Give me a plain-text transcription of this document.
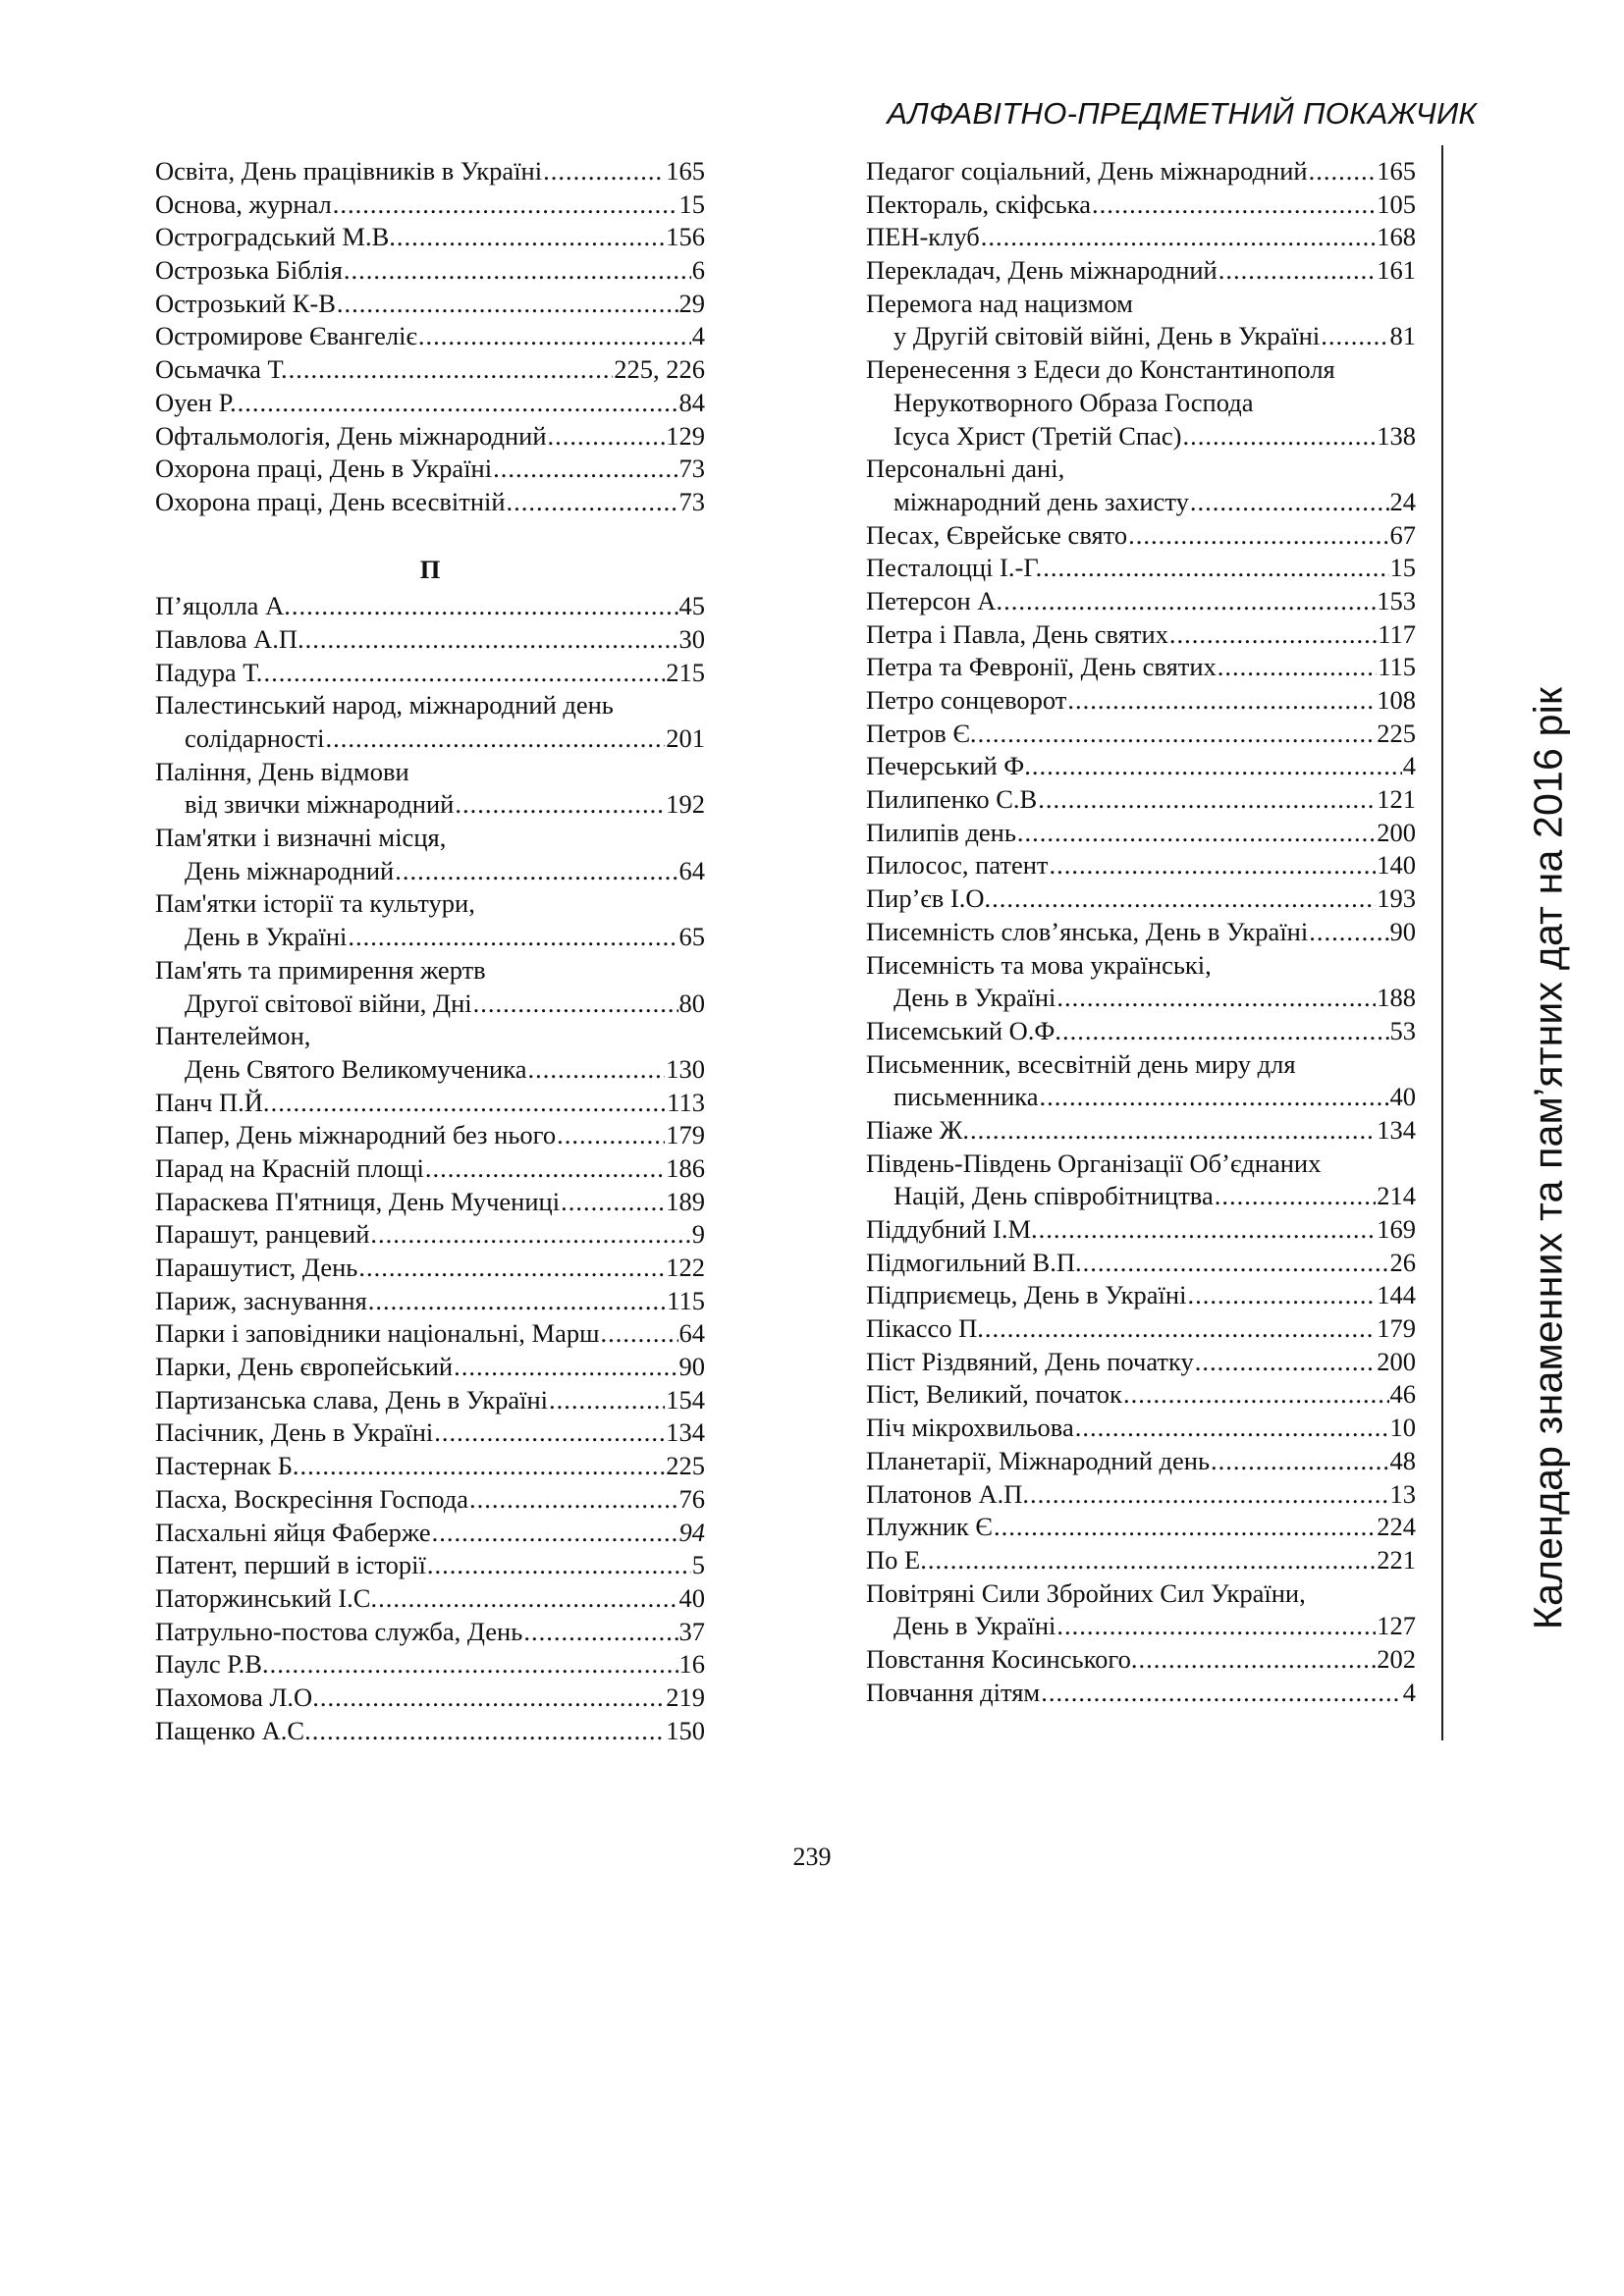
АЛФАВІТНО-ПРЕДМЕТНИЙ ПОКАЖЧИК
Освіта, День працівників в Україні .....	165
Основа, журнал .....	15
Остроградський М.В. .....	156
Острозька Біблія .....	6
Острозький К-В .....	29
Остромирове Євангеліє .....	4
Осьмачка Т. .....	225, 226
Оуен Р. .....	84
Офтальмологія, День міжнародний .....	129
Охорона праці, День в Україні .....	73
Охорона праці, День всесвітній .....	73
П
П’яцолла А. .....	45
Павлова А.П. .....	30
Падура Т. .....	215
Палестинський народ, міжнародний день
солідарності .....	201
Паління, День відмови
від звички міжнародний .....	192
Пам'ятки і визначні місця,
День міжнародний .....	64
Пам'ятки історії та культури,
День в Україні .....	65
Пам'ять та примирення жертв
Другої світової війни, Дні .....	80
Пантелеймон,
День Святого Великомученика .....	130
Панч П.Й. .....	113
Папер, День міжнародний без нього .....	179
Парад на Красній площі .....	186
Параскева П'ятниця, День Мучениці .....	189
Парашут, ранцевий .....	9
Парашутист, День .....	122
Париж, заснування .....	115
Парки і заповідники національні, Марш .....	64
Парки, День європейський .....	90
Партизанська слава, День в Україні .....	154
Пасічник, День в Україні .....	134
Пастернак Б. .....	225
Пасха, Воскресіння Господа .....	76
Пасхальні яйця Фаберже .....	94
Патент, перший в історії .....	5
Паторжинський І.С. .....	40
Патрульно-постова служба, День .....	37
Паулс Р.В. .....	16
Пахомова Л.О. .....	219
Пащенко А.С. .....	150
Педагог соціальний, День міжнародний .....	165
Пектораль, скіфська .....	105
ПЕН-клуб .....	168
Перекладач, День міжнародний .....	161
Перемога над нацизмом
у Другій світовій війні, День в Україні .....	81
Перенесення з Едеси до Константинополя
Нерукотворного Образа Господа
Ісуса Христ (Третій Спас) .....	138
Персональні дані,
міжнародний день захисту .....	24
Песах, Єврейське свято .....	67
Песталоцці І.-Г. .....	15
Петерсон А. .....	153
Петра і Павла, День святих .....	117
Петра та Февронії, День святих .....	115
Петро сонцеворот .....	108
Петров Є. .....	225
Печерський Ф. .....	4
Пилипенко С.В .....	121
Пилипів день .....	200
Пилосос, патент .....	140
Пир’єв І.О. .....	193
Писемність слов’янська, День в Україні .....	90
Писемність та мова українські,
День в Україні .....	188
Писемський О.Ф. .....	53
Письменник, всесвітній день миру для
письменника .....	40
Піаже Ж. .....	134
Південь-Південь Організації Об’єднаних
Націй, День співробітництва .....	214
Піддубний І.М. .....	169
Підмогильний В.П. .....	26
Підприємець, День в Україні .....	144
Пікассо П. .....	179
Піст Різдвяний, День початку .....	200
Піст, Великий, початок .....	46
Піч мікрохвильова .....	10
Планетарії, Міжнародний день .....	48
Платонов А.П. .....	13
Плужник Є .....	224
По Е. .....	221
Повітряні Сили Збройних Сил України,
День в Україні .....	127
Повстання Косинського. .....	202
Повчання дітям .....	4
Календар знаменних та пам’ятних дат на 2016 рік
239
